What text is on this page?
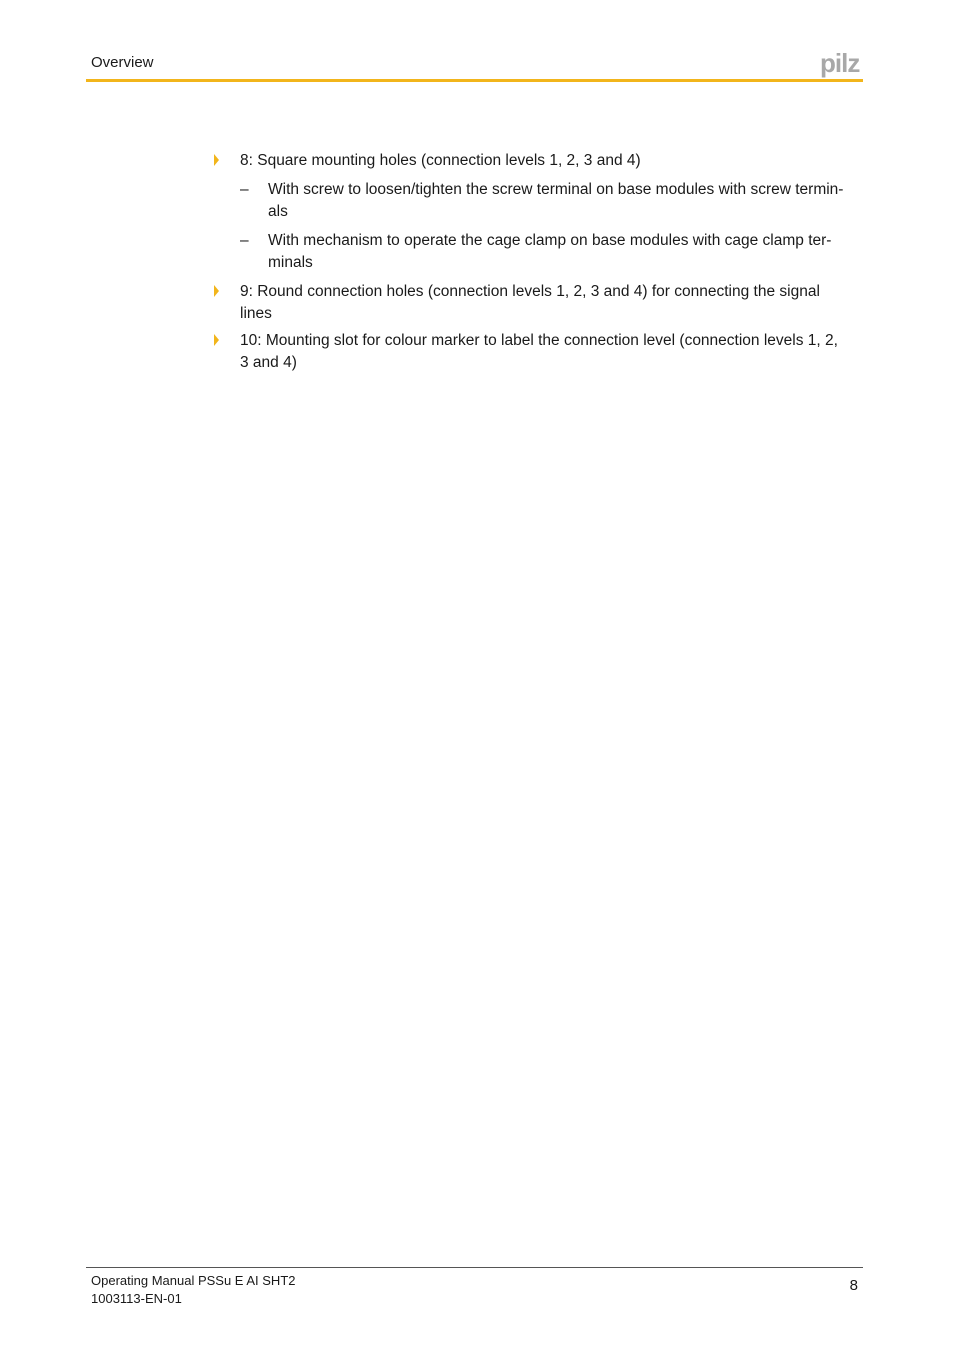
Overview	pilz
8: Square mounting holes (connection levels 1, 2, 3 and 4)
– With screw to loosen/tighten the screw terminal on base modules with screw termin-
als
– With mechanism to operate the cage clamp on base modules with cage clamp ter-
minals
9: Round connection holes (connection levels 1, 2, 3 and 4) for connecting the signal
lines
10: Mounting slot for colour marker to label the connection level (connection levels 1, 2,
3 and 4)
Operating Manual PSSu E AI SHT2
1003113-EN-01
8
